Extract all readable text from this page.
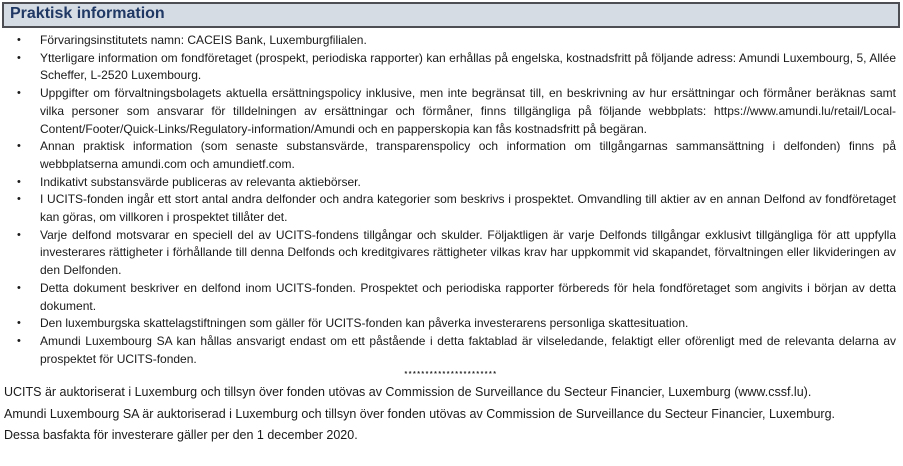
Praktisk information
• Förvaringsinstitutets namn: CACEIS Bank, Luxemburgfilialen.
• Ytterligare information om fondföretaget (prospekt, periodiska rapporter) kan erhållas på engelska, kostnadsfritt på följande adress: Amundi Luxembourg, 5, Allée Scheffer, L-2520 Luxembourg.
• Uppgifter om förvaltningsbolagets aktuella ersättningspolicy inklusive, men inte begränsat till, en beskrivning av hur ersättningar och förmåner beräknas samt vilka personer som ansvarar för tilldelningen av ersättningar och förmåner, finns tillgängliga på följande webbplats: https://www.amundi.lu/retail/Local-Content/Footer/Quick-Links/Regulatory-information/Amundi och en papperskopia kan fås kostnadsfritt på begäran.
• Annan praktisk information (som senaste substansvärde, transparenspolicy och information om tillgångarnas sammansättning i delfonden) finns på webbplatserna amundi.com och amundietf.com.
• Indikativt substansvärde publiceras av relevanta aktiebörser.
• I UCITS-fonden ingår ett stort antal andra delfonder och andra kategorier som beskrivs i prospektet. Omvandling till aktier av en annan Delfond av fondföretaget kan göras, om villkoren i prospektet tillåter det.
• Varje delfond motsvarar en speciell del av UCITS-fondens tillgångar och skulder. Följaktligen är varje Delfonds tillgångar exklusivt tillgängliga för att uppfylla investerares rättigheter i förhållande till denna Delfonds och kreditgivares rättigheter vilkas krav har uppkommit vid skapandet, förvaltningen eller likvideringen av den Delfonden.
• Detta dokument beskriver en delfond inom UCITS-fonden. Prospektet och periodiska rapporter förbereds för hela fondföretaget som angivits i början av detta dokument.
• Den luxemburgska skattelagstiftningen som gäller för UCITS-fonden kan påverka investerarens personliga skattesituation.
• Amundi Luxembourg SA kan hållas ansvarigt endast om ett påstående i detta faktablad är vilseledande, felaktigt eller oförenligt med de relevanta delarna av prospektet för UCITS-fonden.
**********************

UCITS är auktoriserat i Luxemburg och tillsyn över fonden utövas av Commission de Surveillance du Secteur Financier, Luxemburg (www.cssf.lu).

Amundi Luxembourg SA är auktoriserad i Luxemburg och tillsyn över fonden utövas av Commission de Surveillance du Secteur Financier, Luxemburg.

Dessa basfakta för investerare gäller per den 1 december 2020.
